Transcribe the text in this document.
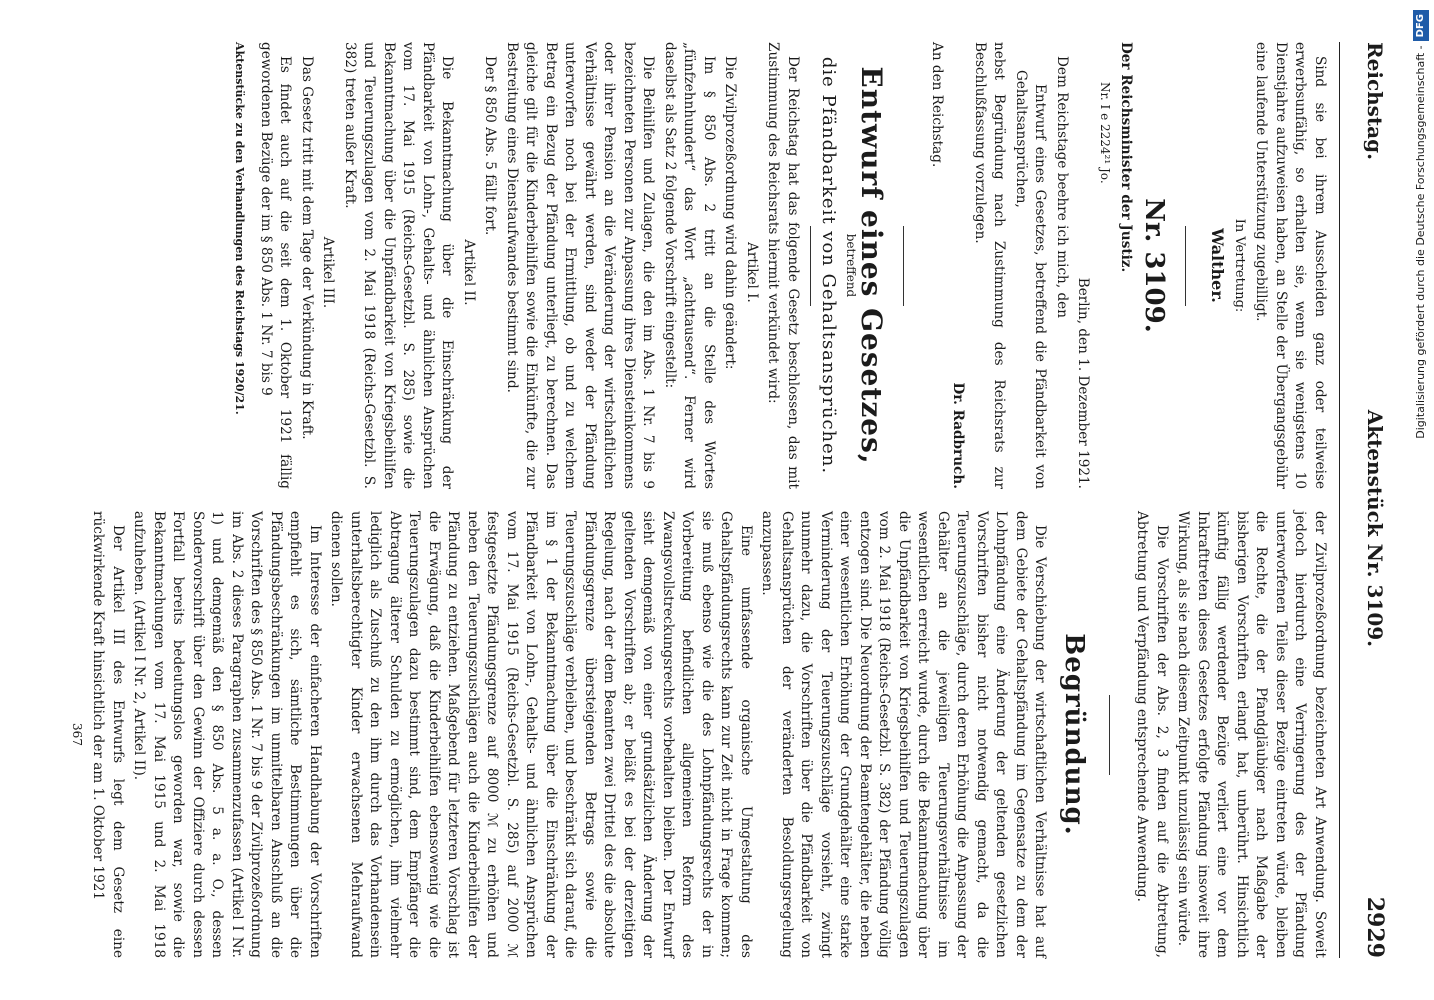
Reichstag.
Aktenstück Nr. 3109.
2929

Sind sie bei ihrem Ausscheiden ganz oder teilweise erwerbsunfähig, so erhalten sie, wenn sie wenigstens 10 Dienstjahre aufzuweisen haben, an Stelle der Übergangsgebühr eine laufende Unterstützung zugebilligt.

In Vertretung:

Walther.

Nr. 3109.

Der Reichsminister der Justiz.

Nr. I e 2224²¹ Jo.

Berlin, den 1. Dezember 1921.

Dem Reichstage beehre ich mich, den

Entwurf eines Gesetzes, betreffend die Pfändbarkeit von Gehaltsansprüchen,

nebst Begründung nach Zustimmung des Reichsrats zur Beschlußfassung vorzulegen.

Dr. Radbruch.

An den Reichstag.

Entwurf eines Gesetzes,
betreffend
die Pfändbarkeit von Gehaltsansprüchen.

Der Reichstag hat das folgende Gesetz beschlossen, das mit Zustimmung des Reichsrats hiermit verkündet wird:

Artikel I.

Die Zivilprozeßordnung wird dahin geändert:

Im § 850 Abs. 2 tritt an die Stelle des Wortes „fünfzehnhundert“ das Wort „achttausend“. Ferner wird daselbst als Satz 2 folgende Vorschrift eingestellt:

Die Beihilfen und Zulagen, die den im Abs. 1 Nr. 7 bis 9 bezeichneten Personen zur Anpassung ihres Diensteinkommens oder ihrer Pension an die Veränderung der wirtschaftlichen Verhältnisse gewährt werden, sind weder der Pfändung unterworfen noch bei der Ermittlung, ob und zu welchem Betrag ein Bezug der Pfändung unterliegt, zu berechnen. Das gleiche gilt für die Kinderbeihilfen sowie die Einkünfte, die zur Bestreitung eines Dienstaufwandes bestimmt sind.

Der § 850 Abs. 5 fällt fort.

Artikel II.

Die Bekanntmachung über die Einschränkung der Pfändbarkeit von Lohn-, Gehalts- und ähnlichen Ansprüchen vom 17. Mai 1915 (Reichs-Gesetzbl. S. 285) sowie die Bekanntmachung über die Unpfändbarkeit von Kriegsbeihilfen und Teuerungszulagen vom 2. Mai 1918 (Reichs-Gesetzbl. S. 382) treten außer Kraft.

Artikel III.

Das Gesetz tritt mit dem Tage der Verkündung in Kraft.

Es findet auch auf die seit dem 1. Oktober 1921 fällig gewordenen Bezüge der im § 850 Abs. 1 Nr. 7 bis 9

Aktenstücke zu den Verhandlungen des Reichstags 1920/21.

der Zivilprozeßordnung bezeichneten Art Anwendung. Soweit jedoch hierdurch eine Verringerung des der Pfändung unterworfenen Teiles dieser Bezüge eintreten würde, bleiben die Rechte, die der Pfandgläubiger nach Maßgabe der bisherigen Vorschriften erlangt hat, unberührt. Hinsichtlich künftig fällig werdender Bezüge verliert eine vor dem Inkrafttreten dieses Gesetzes erfolgte Pfändung insoweit ihre Wirkung, als sie nach diesem Zeitpunkt unzulässig sein würde.

Die Vorschriften der Abs. 2, 3 finden auf die Abtretung, Abtretung und Verpfändung entsprechende Anwendung.

Begründung.

Die Verschiebung der wirtschaftlichen Verhältnisse hat auf dem Gebiete der Gehaltspfändung im Gegensatze zu dem der Lohnpfändung eine Änderung der geltenden gesetzlichen Vorschriften bisher nicht notwendig gemacht, da die Teuerungszuschläge, durch deren Erhöhung die Anpassung der Gehälter an die jeweiligen Teuerungsverhältnisse im wesentlichen erreicht wurde, durch die Bekanntmachung über die Unpfändbarkeit von Kriegsbeihilfen und Teuerungszulagen vom 2. Mai 1918 (Reichs-Gesetzbl. S. 382) der Pfändung völlig entzogen sind. Die Neuordnung der Beamtengehälter, die neben einer wesentlichen Erhöhung der Grundgehälter eine starke Verminderung der Teuerungszuschläge vorsieht, zwingt nunmehr dazu, die Vorschriften über die Pfändbarkeit von Gehaltsansprüchen der veränderten Besoldungsregelung anzupassen.

Eine umfassende organische Umgestaltung des Gehaltspfändungsrechts kann zur Zeit nicht in Frage kommen; sie muß ebenso wie die des Lohnpfändungsrechts der in Vorbereitung befindlichen allgemeinen Reform des Zwangsvollstreckungsrechts vorbehalten bleiben. Der Entwurf sieht demgemäß von einer grundsätzlichen Änderung der geltenden Vorschriften ab; er beläßt es bei der derzeitigen Regelung, nach der dem Beamten zwei Drittel des die absolute Pfändungsgrenze übersteigenden Betrags sowie die Teuerungszuschläge verbleiben, und beschränkt sich darauf, die im § 1 der Bekanntmachung über die Einschränkung der Pfändbarkeit von Lohn-, Gehalts- und ähnlichen Ansprüchen vom 17. Mai 1915 (Reichs-Gesetzbl. S. 285) auf 2000 ℳ festgesetzte Pfändungsgrenze auf 8000 ℳ zu erhöhen und neben den Teuerungszuschlägen auch die Kinderbeihilfen der Pfändung zu entziehen. Maßgebend für letzteren Vorschlag ist die Erwägung, daß die Kinderbeihilfen ebensowenig wie die Teuerungszulagen dazu bestimmt sind, dem Empfänger die Abtragung älterer Schulden zu ermöglichen, ihm vielmehr lediglich als Zuschuß zu den ihm durch das Vorhandensein unterhaltsberechtigter Kinder erwachsenen Mehraufwand dienen sollen.

Im Interesse der einfacheren Handhabung der Vorschriften empfiehlt es sich, sämtliche Bestimmungen über die Pfändungsbeschränkungen im unmittelbaren Anschluß an die Vorschriften des § 850 Abs. 1 Nr. 7 bis 9 der Zivilprozeßordnung im Abs. 2 dieses Paragraphen zusammenzufassen (Artikel I Nr. 1) und demgemäß den § 850 Abs. 5 a. a. O., dessen Sondervorschrift über den Gewinn der Offiziere durch dessen Fortfall bereits bedeutungslos geworden war, sowie die Bekanntmachungen vom 17. Mai 1915 und 2. Mai 1918 aufzuheben. (Artikel I Nr. 2, Artikel II).

Der Artikel III des Entwurfs legt dem Gesetz eine rückwirkende Kraft hinsichtlich der am 1. Oktober 1921

367

Digitalisierung gefördert durch die Deutsche Forschungsgemeinschaft -
DFG
